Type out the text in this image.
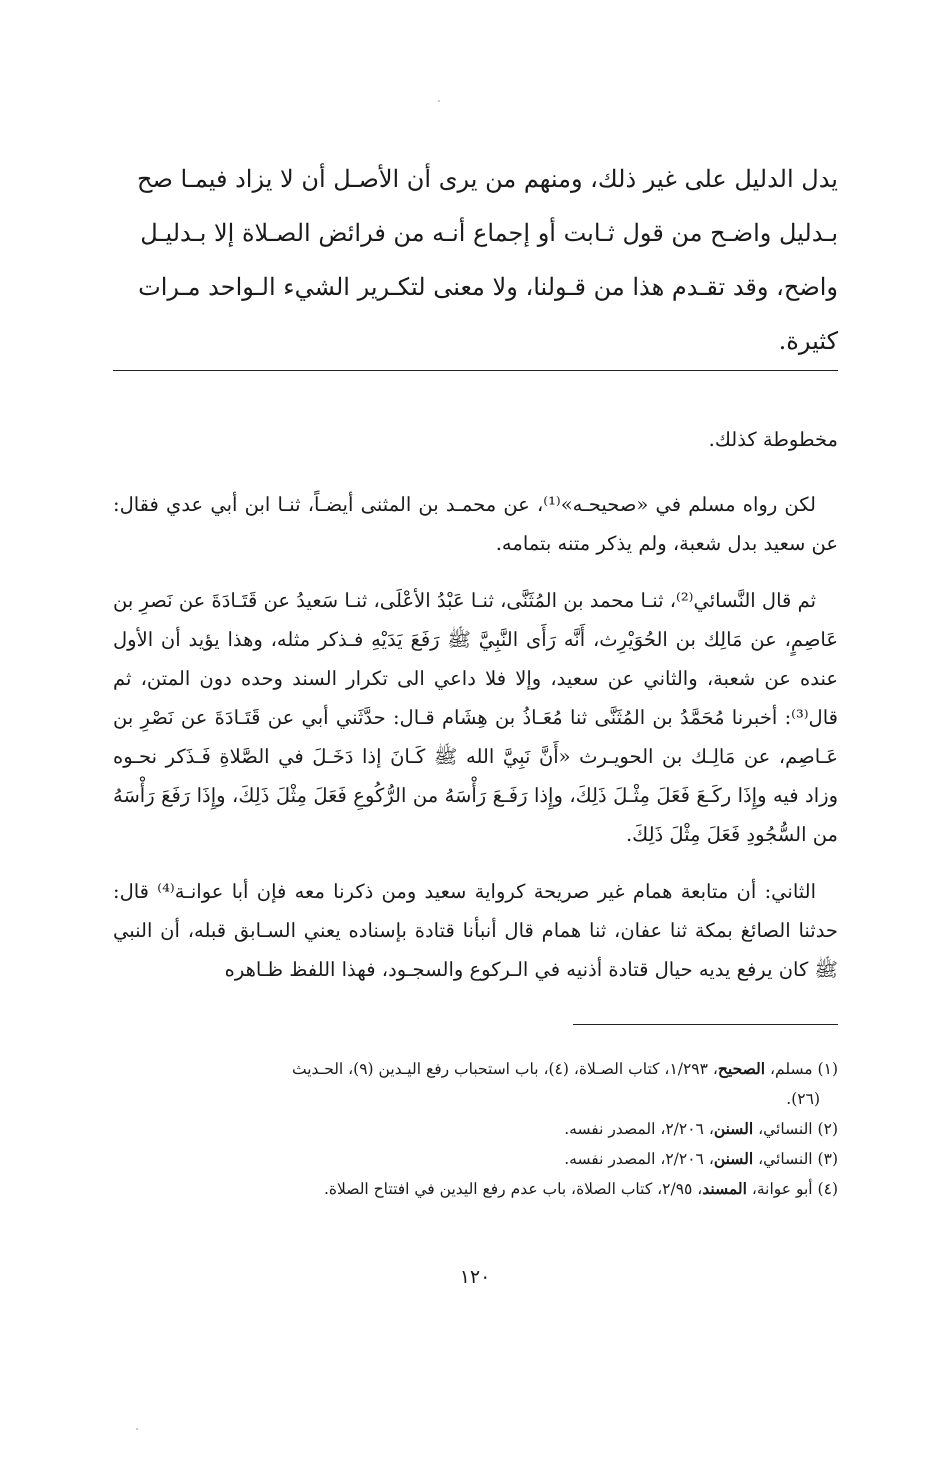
يدل الدليل على غير ذلك، ومنهم من يرى أن الأصـل أن لا يزاد فيمـا صح

بـدليل واضـح من قول ثـابت أو إجماع أنـه من فرائض الصـلاة إلا بـدليـل

واضح، وقد تقـدم هذا من قـولنا، ولا معنى لتكـرير الشيء الـواحد مـرات

كثيرة.

مخطوطة كذلك.

لكن رواه مسلم في «صحيحـه»⁽¹⁾، عن محمـد بن المثنى أيضـاً، ثنـا ابن أبي عدي فقال: عن سعيد بدل شعبة، ولم يذكر متنه بتمامه.

ثم قال النَّسائي⁽²⁾، ثنـا محمد بن المُثَنَّى، ثنـا عَبْدُ الأعْلَى، ثنـا سَعيدُ عن قَتَـادَةَ عن نَصرِ بن عَاصِمٍ، عن مَالِك بن الحُوَيْرِث، أَنَّه رَأَى النَّبِيَّ ﷺ رَفَعَ يَدَيْهِ فـذكر مثله، وهذا يؤيد أن الأول عنده عن شعبة، والثاني عن سعيد، وإلا فلا داعي الى تكرار السند وحده دون المتن، ثم قال⁽³⁾: أخبرنا مُحَمَّدُ بن المُثَنَّى ثنا مُعَـاذُ بن هِشَام قـال: حدَّثَني أبي عن قَتَـادَةَ عن نَصْرِ بن عَـاصِم، عن مَالِـك بن الحويـرث «أَنَّ نَبِيَّ الله ﷺ كَـانَ إذا دَخَـلَ في الصَّلاةِ فَـذَكر نحـوه وزاد فيه وإِذَا ركَـعَ فَعَلَ مِثْـلَ ذَلِكَ، وإِذا رَفَـعَ رَأْسَهُ من الرُّكُوعِ فَعَلَ مِثْلَ ذَلِكَ، وإِذَا رَفَعَ رَأْسَهُ من السُّجُودِ فَعَلَ مِثْلَ ذَلِكَ.

الثاني: أن متابعة همام غير صريحة كرواية سعيد ومن ذكرنا معه فإن أبا عوانـة⁽⁴⁾ قال: حدثنا الصائغ بمكة ثنا عفان، ثنا همام قال أنبأنا قتادة بإسناده يعني السـابق قبله، أن النبي ﷺ كان يرفع يديه حيال قتادة أذنيه في الـركوع والسجـود، فهذا اللفظ ظـاهره

(١) مسلم، الصحيح، ١/٢٩٣، كتاب الصـلاة، (٤)، باب استحباب رفع اليـدين (٩)، الحـديث

(٢٦).

(٢) النسائي، السنن، ٢/٢٠٦، المصدر نفسه.

(٣) النسائي، السنن، ٢/٢٠٦، المصدر نفسه.

(٤) أبو عوانة، المسند، ٢/٩٥، كتاب الصلاة، باب عدم رفع اليدين في افتتاح الصلاة.

١٢٠
